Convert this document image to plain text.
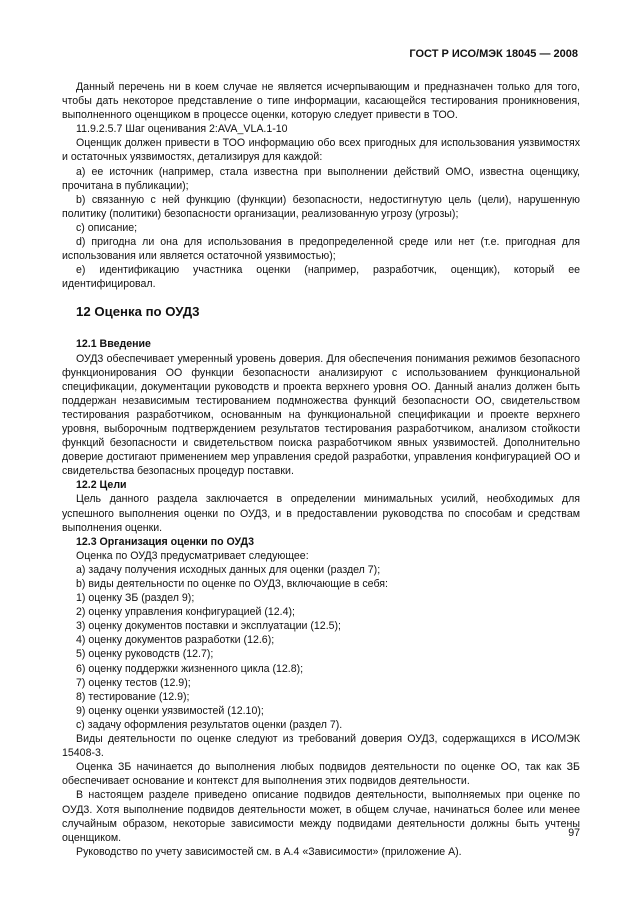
ГОСТ Р ИСО/МЭК 18045 — 2008

Данный перечень ни в коем случае не является исчерпывающим и предназначен только для того, чтобы дать некоторое представление о типе информации, касающейся тестирования проникновения, выполненного оценщиком в процессе оценки, которую следует привести в ТОО.

11.9.2.5.7 Шаг оценивания 2:AVA_VLA.1-10

Оценщик должен привести в ТОО информацию обо всех пригодных для использования уязвимостях и остаточных уязвимостях, детализируя для каждой:

a) ее источник (например, стала известна при выполнении действий ОМО, известна оценщику, прочитана в публикации);

b) связанную с ней функцию (функции) безопасности, недостигнутую цель (цели), нарушенную политику (политики) безопасности организации, реализованную угрозу (угрозы);

c) описание;

d) пригодна ли она для использования в предопределенной среде или нет (т.е. пригодная для использования или является остаточной уязвимостью);

e) идентификацию участника оценки (например, разработчик, оценщик), который ее идентифицировал.

12 Оценка по ОУД3
12.1 Введение

ОУД3 обеспечивает умеренный уровень доверия. Для обеспечения понимания режимов безопасного функционирования ОО функции безопасности анализируют с использованием функциональной спецификации, документации руководств и проекта верхнего уровня ОО. Данный анализ должен быть поддержан независимым тестированием подмножества функций безопасности ОО, свидетельством тестирования разработчиком, основанным на функциональной спецификации и проекте верхнего уровня, выборочным подтверждением результатов тестирования разработчиком, анализом стойкости функций безопасности и свидетельством поиска разработчиком явных уязвимостей. Дополнительно доверие достигают применением мер управления средой разработки, управления конфигурацией ОО и свидетельства безопасных процедур поставки.

12.2 Цели

Цель данного раздела заключается в определении минимальных усилий, необходимых для успешного выполнения оценки по ОУД3, и в предоставлении руководства по способам и средствам выполнения оценки.

12.3 Организация оценки по ОУД3

Оценка по ОУД3 предусматривает следующее:

a) задачу получения исходных данных для оценки (раздел 7);

b) виды деятельности по оценке по ОУД3, включающие в себя:

1) оценку ЗБ (раздел 9);

2) оценку управления конфигурацией (12.4);

3) оценку документов поставки и эксплуатации (12.5);

4) оценку документов разработки (12.6);

5) оценку руководств (12.7);

6) оценку поддержки жизненного цикла (12.8);

7) оценку тестов (12.9);

8) тестирование (12.9);

9) оценку оценки уязвимостей (12.10);

c) задачу оформления результатов оценки (раздел 7).

Виды деятельности по оценке следуют из требований доверия ОУД3, содержащихся в ИСО/МЭК 15408-3.

Оценка ЗБ начинается до выполнения любых подвидов деятельности по оценке ОО, так как ЗБ обеспечивает основание и контекст для выполнения этих подвидов деятельности.

В настоящем разделе приведено описание подвидов деятельности, выполняемых при оценке по ОУД3. Хотя выполнение подвидов деятельности может, в общем случае, начинаться более или менее случайным образом, некоторые зависимости между подвидами деятельности должны быть учтены оценщиком.

Руководство по учету зависимостей см. в А.4 «Зависимости» (приложение А).

97
